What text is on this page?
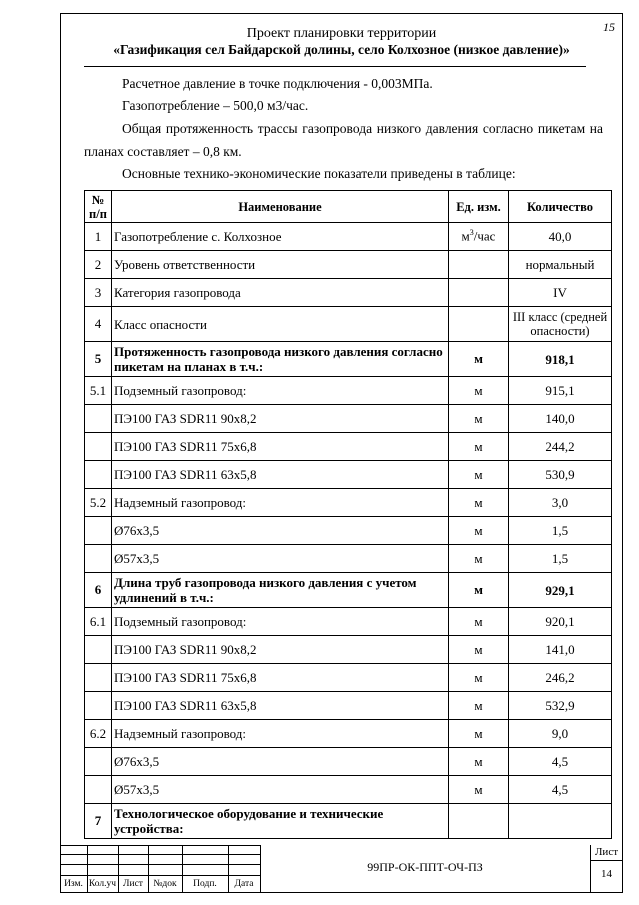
15
Проект планировки территории
«Газификация сел Байдарской долины, село Колхозное (низкое давление)»
Расчетное давление в точке подключения - 0,003МПа.
Газопотребление – 500,0 м3/час.
Общая протяженность трассы газопровода низкого давления согласно пикетам на
планах составляет – 0,8 км.
Основные технико-экономические показатели приведены в таблице:
№
п/п	Наименование	Ед. изм.	Количество
1	Газопотребление с. Колхозное	$м^3$/час	40,0
2	Уровень ответственности		нормальный
3	Категория газопровода		IV
4	Класс опасности		III класс (средней опасности)
5	Протяженность газопровода низкого давления согласно пикетам на планах в т.ч.:	м	918,1
5.1	Подземный газопровод:	м	915,1
	ПЭ100 ГАЗ SDR11 90х8,2	м	140,0
	ПЭ100 ГАЗ SDR11 75х6,8	м	244,2
	ПЭ100 ГАЗ SDR11 63х5,8	м	530,9
5.2	Надземный газопровод:	м	3,0
	Ø76х3,5	м	1,5
	Ø57х3,5	м	1,5
6	Длина труб газопровода низкого давления с учетом удлинений в т.ч.:	м	929,1
6.1	Подземный газопровод:	м	920,1
	ПЭ100 ГАЗ SDR11 90х8,2	м	141,0
	ПЭ100 ГАЗ SDR11 75х6,8	м	246,2
	ПЭ100 ГАЗ SDR11 63х5,8	м	532,9
6.2	Надземный газопровод:	м	9,0
	Ø76х3,5	м	4,5
	Ø57х3,5	м	4,5
7	Технологическое оборудование и технические устройства:		
Изм. Кол.уч Лист	№док	Подп.	Дата
99ПР-ОК-ППТ-ОЧ-ПЗ
Лист
14
